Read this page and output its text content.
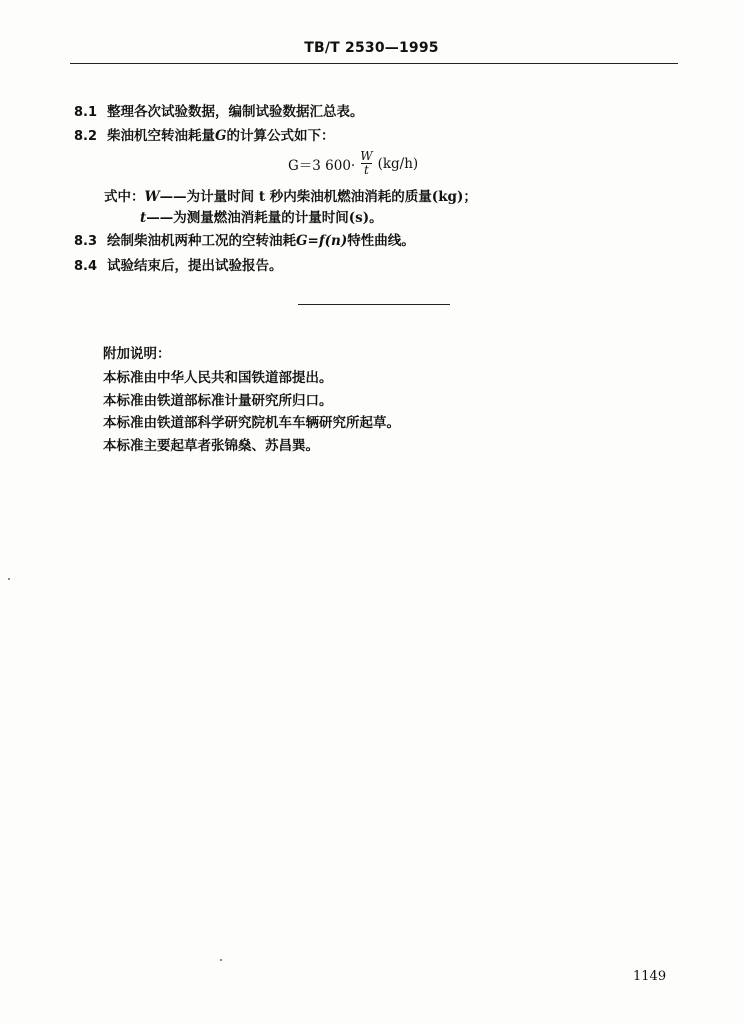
TB/T 2530—1995
8.1 整理各次试验数据，编制试验数据汇总表。
8.2 柴油机空转油耗量G的计算公式如下：
G＝3 $600\cdot \frac{W}{t} (kg/h)$
式中：W——为计量时间 t 秒内柴油机燃油消耗的质量(kg)；
t——为测量燃油消耗量的计量时间(s)。
8.3 绘制柴油机两种工况的空转油耗G=f(n)特性曲线。
8.4 试验结束后，提出试验报告。
附加说明：
本标准由中华人民共和国铁道部提出。
本标准由铁道部标准计量研究所归口。
本标准由铁道部科学研究院机车车辆研究所起草。
本标准主要起草者张锦燊、苏昌巽。
1149
